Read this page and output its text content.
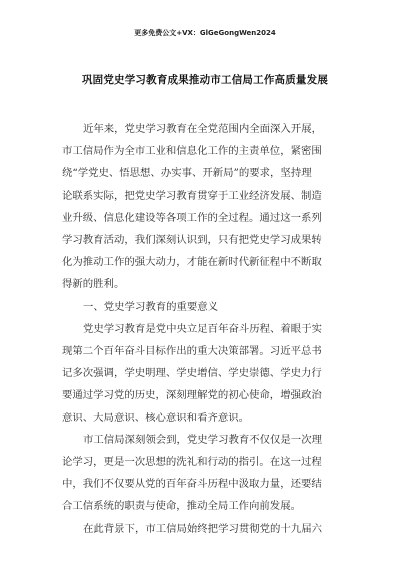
更多免费公文+VX：GlGeGongWen2024
巩固党史学习教育成果推动市工信局工作高质量发展
近年来，党史学习教育在全党范围内全面深入开展，
市工信局作为全市工业和信息化工作的主责单位，紧密围
绕“学党史、悟思想、办实事、开新局”的要求，坚持理
论联系实际，把党史学习教育贯穿于工业经济发展、制造
业升级、信息化建设等各项工作的全过程。通过这一系列
学习教育活动，我们深刻认识到，只有把党史学习成果转
化为推动工作的强大动力，才能在新时代新征程中不断取
得新的胜利。
一、党史学习教育的重要意义
党史学习教育是党中央立足百年奋斗历程、着眼于实
现第二个百年奋斗目标作出的重大决策部署。习近平总书
记多次强调，学史明理、学史增信、学史崇德、学史力行
要通过学习党的历史，深刻理解党的初心使命，增强政治
意识、大局意识、核心意识和看齐意识。
市工信局深刻领会到，党史学习教育不仅仅是一次理
论学习，更是一次思想的洗礼和行动的指引。在这一过程
中，我们不仅要从党的百年奋斗历程中汲取力量，还要结
合工信系统的职责与使命，推动全局工作向前发展。
在此背景下，市工信局始终把学习贯彻党的十九届六
